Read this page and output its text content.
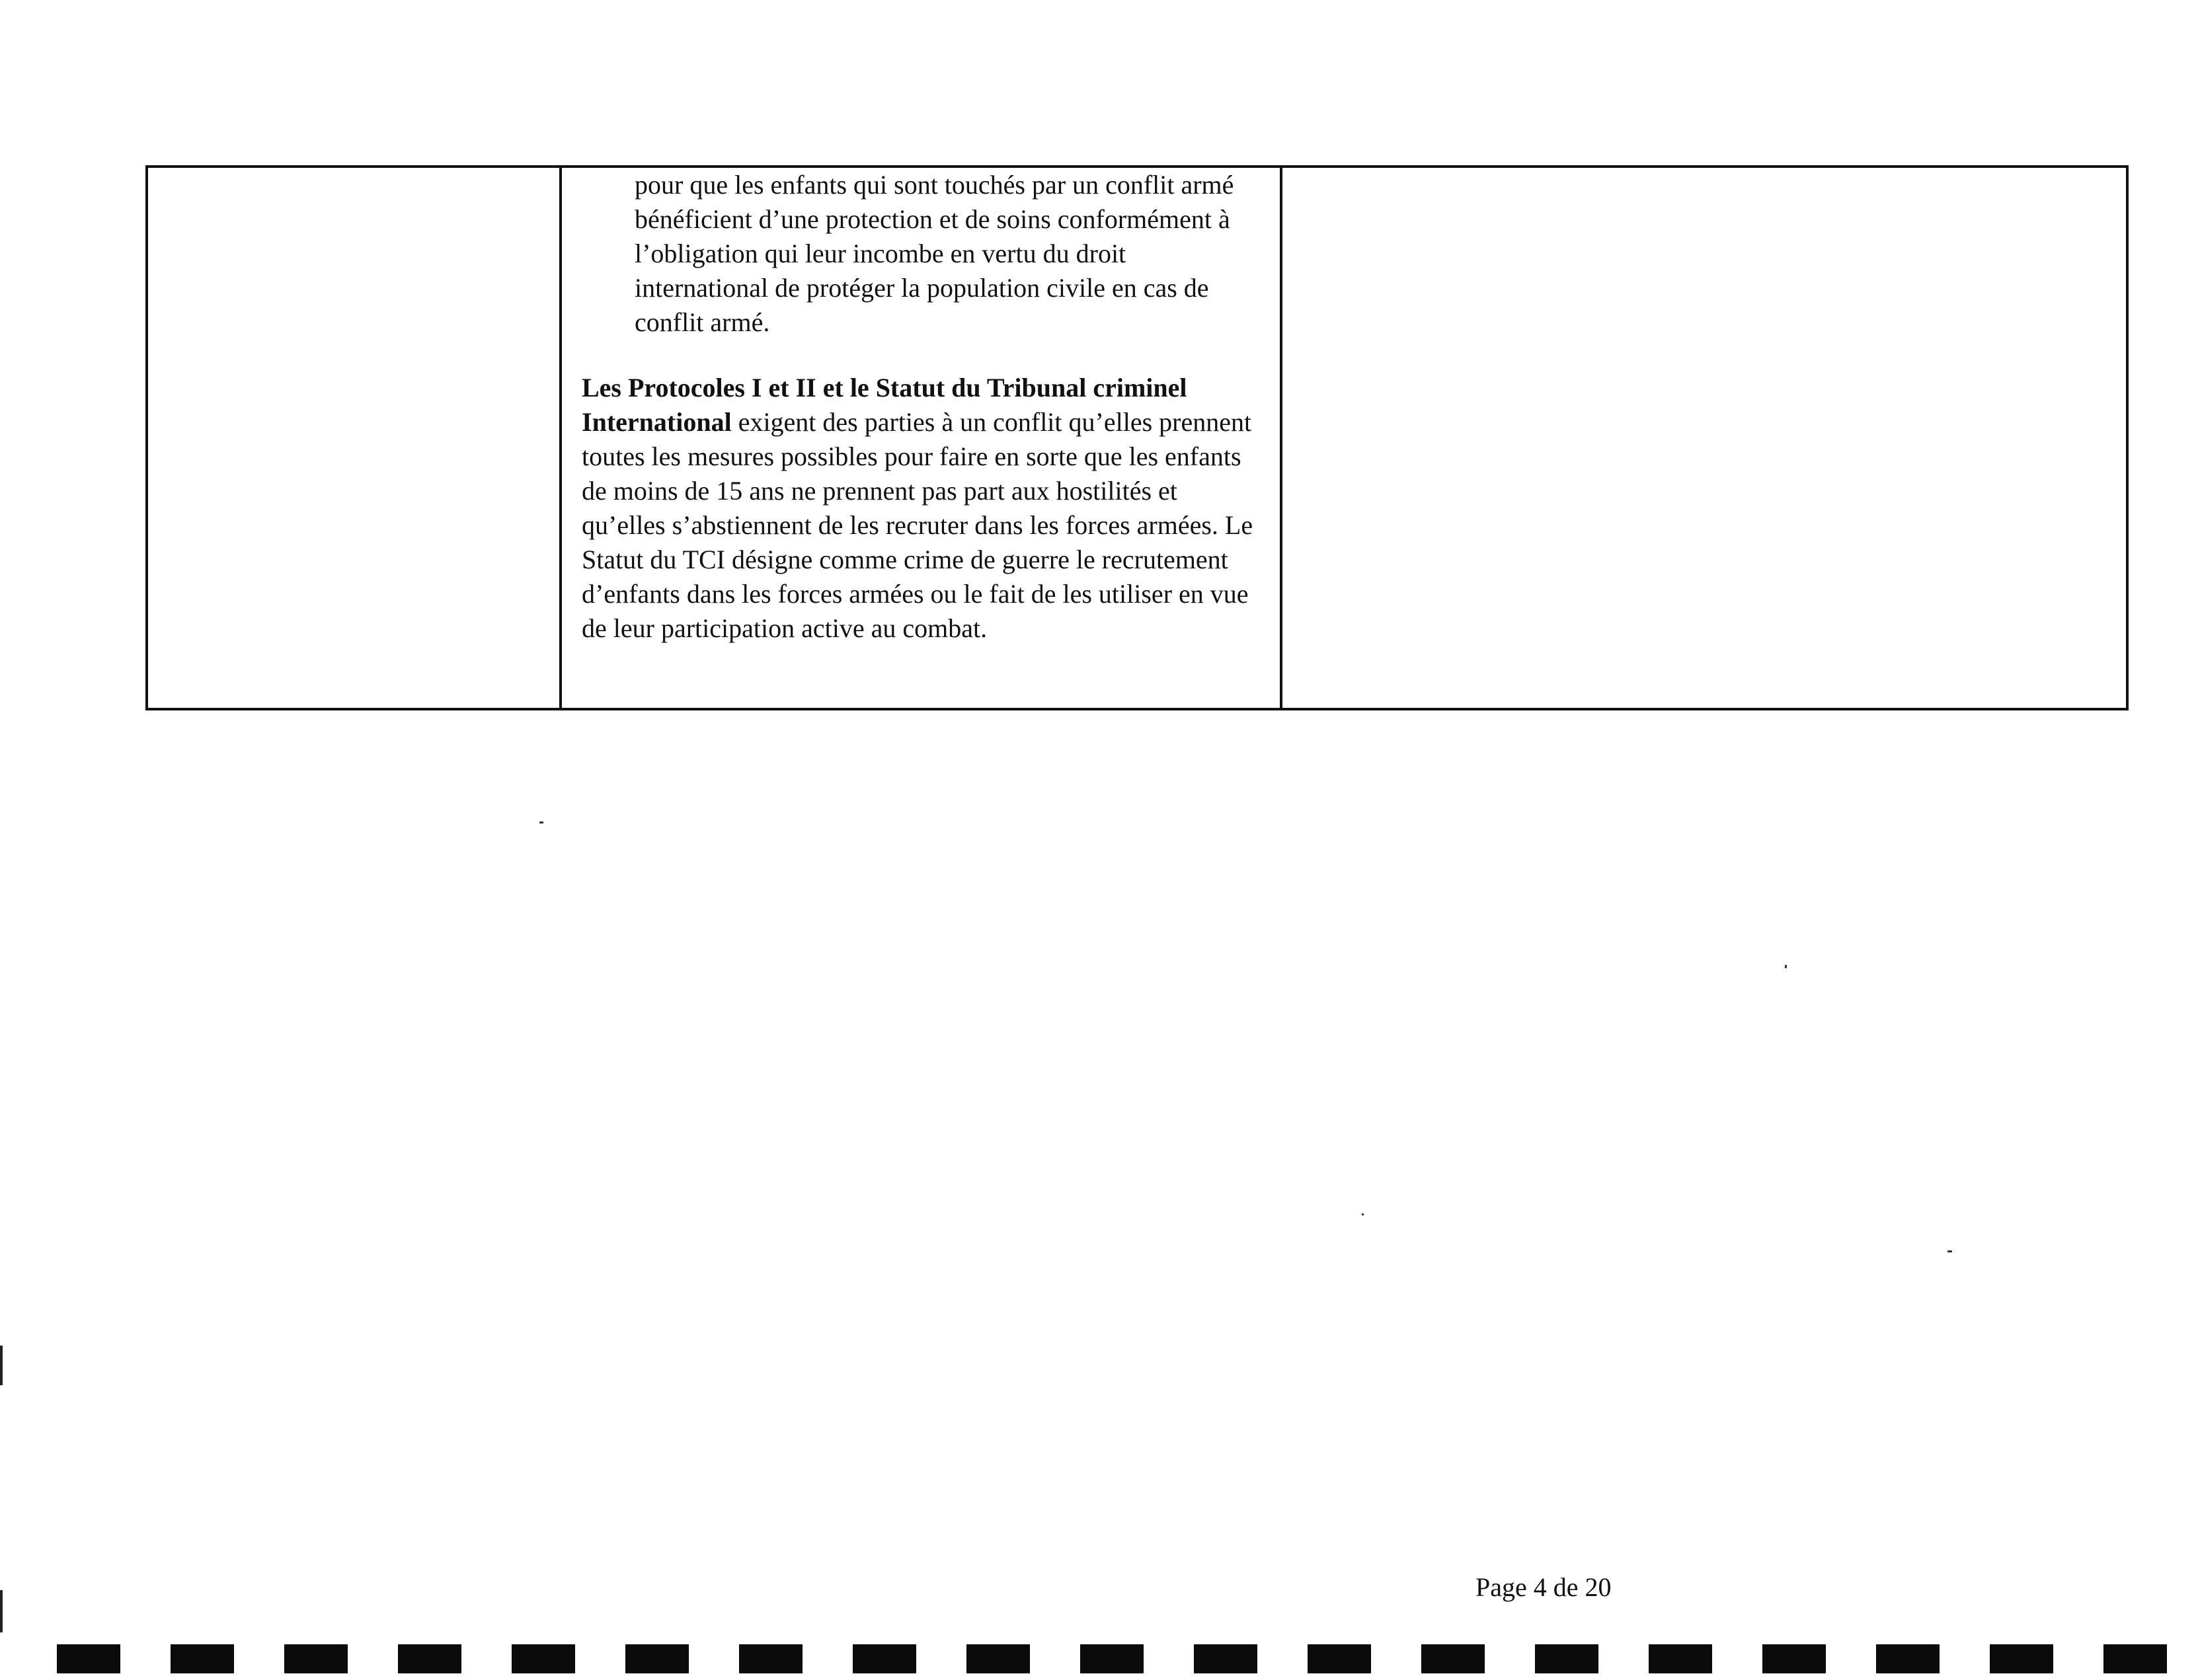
pour que les enfants qui sont touchés par un conflit armé bénéficient d’une protection et de soins conformément à l’obligation qui leur incombe en vertu du droit international de protéger la population civile en cas de conflit armé.

Les Protocoles I et II et le Statut du Tribunal criminel International exigent des parties à un conflit qu’elles prennent toutes les mesures possibles pour faire en sorte que les enfants de moins de 15 ans ne prennent pas part aux hostilités et qu’elles s’abstiennent de les recruter dans les forces armées. Le Statut du TCI désigne comme crime de guerre le recrutement d’enfants dans les forces armées ou le fait de les utiliser en vue de leur participation active au combat.

Page 4 de 20
